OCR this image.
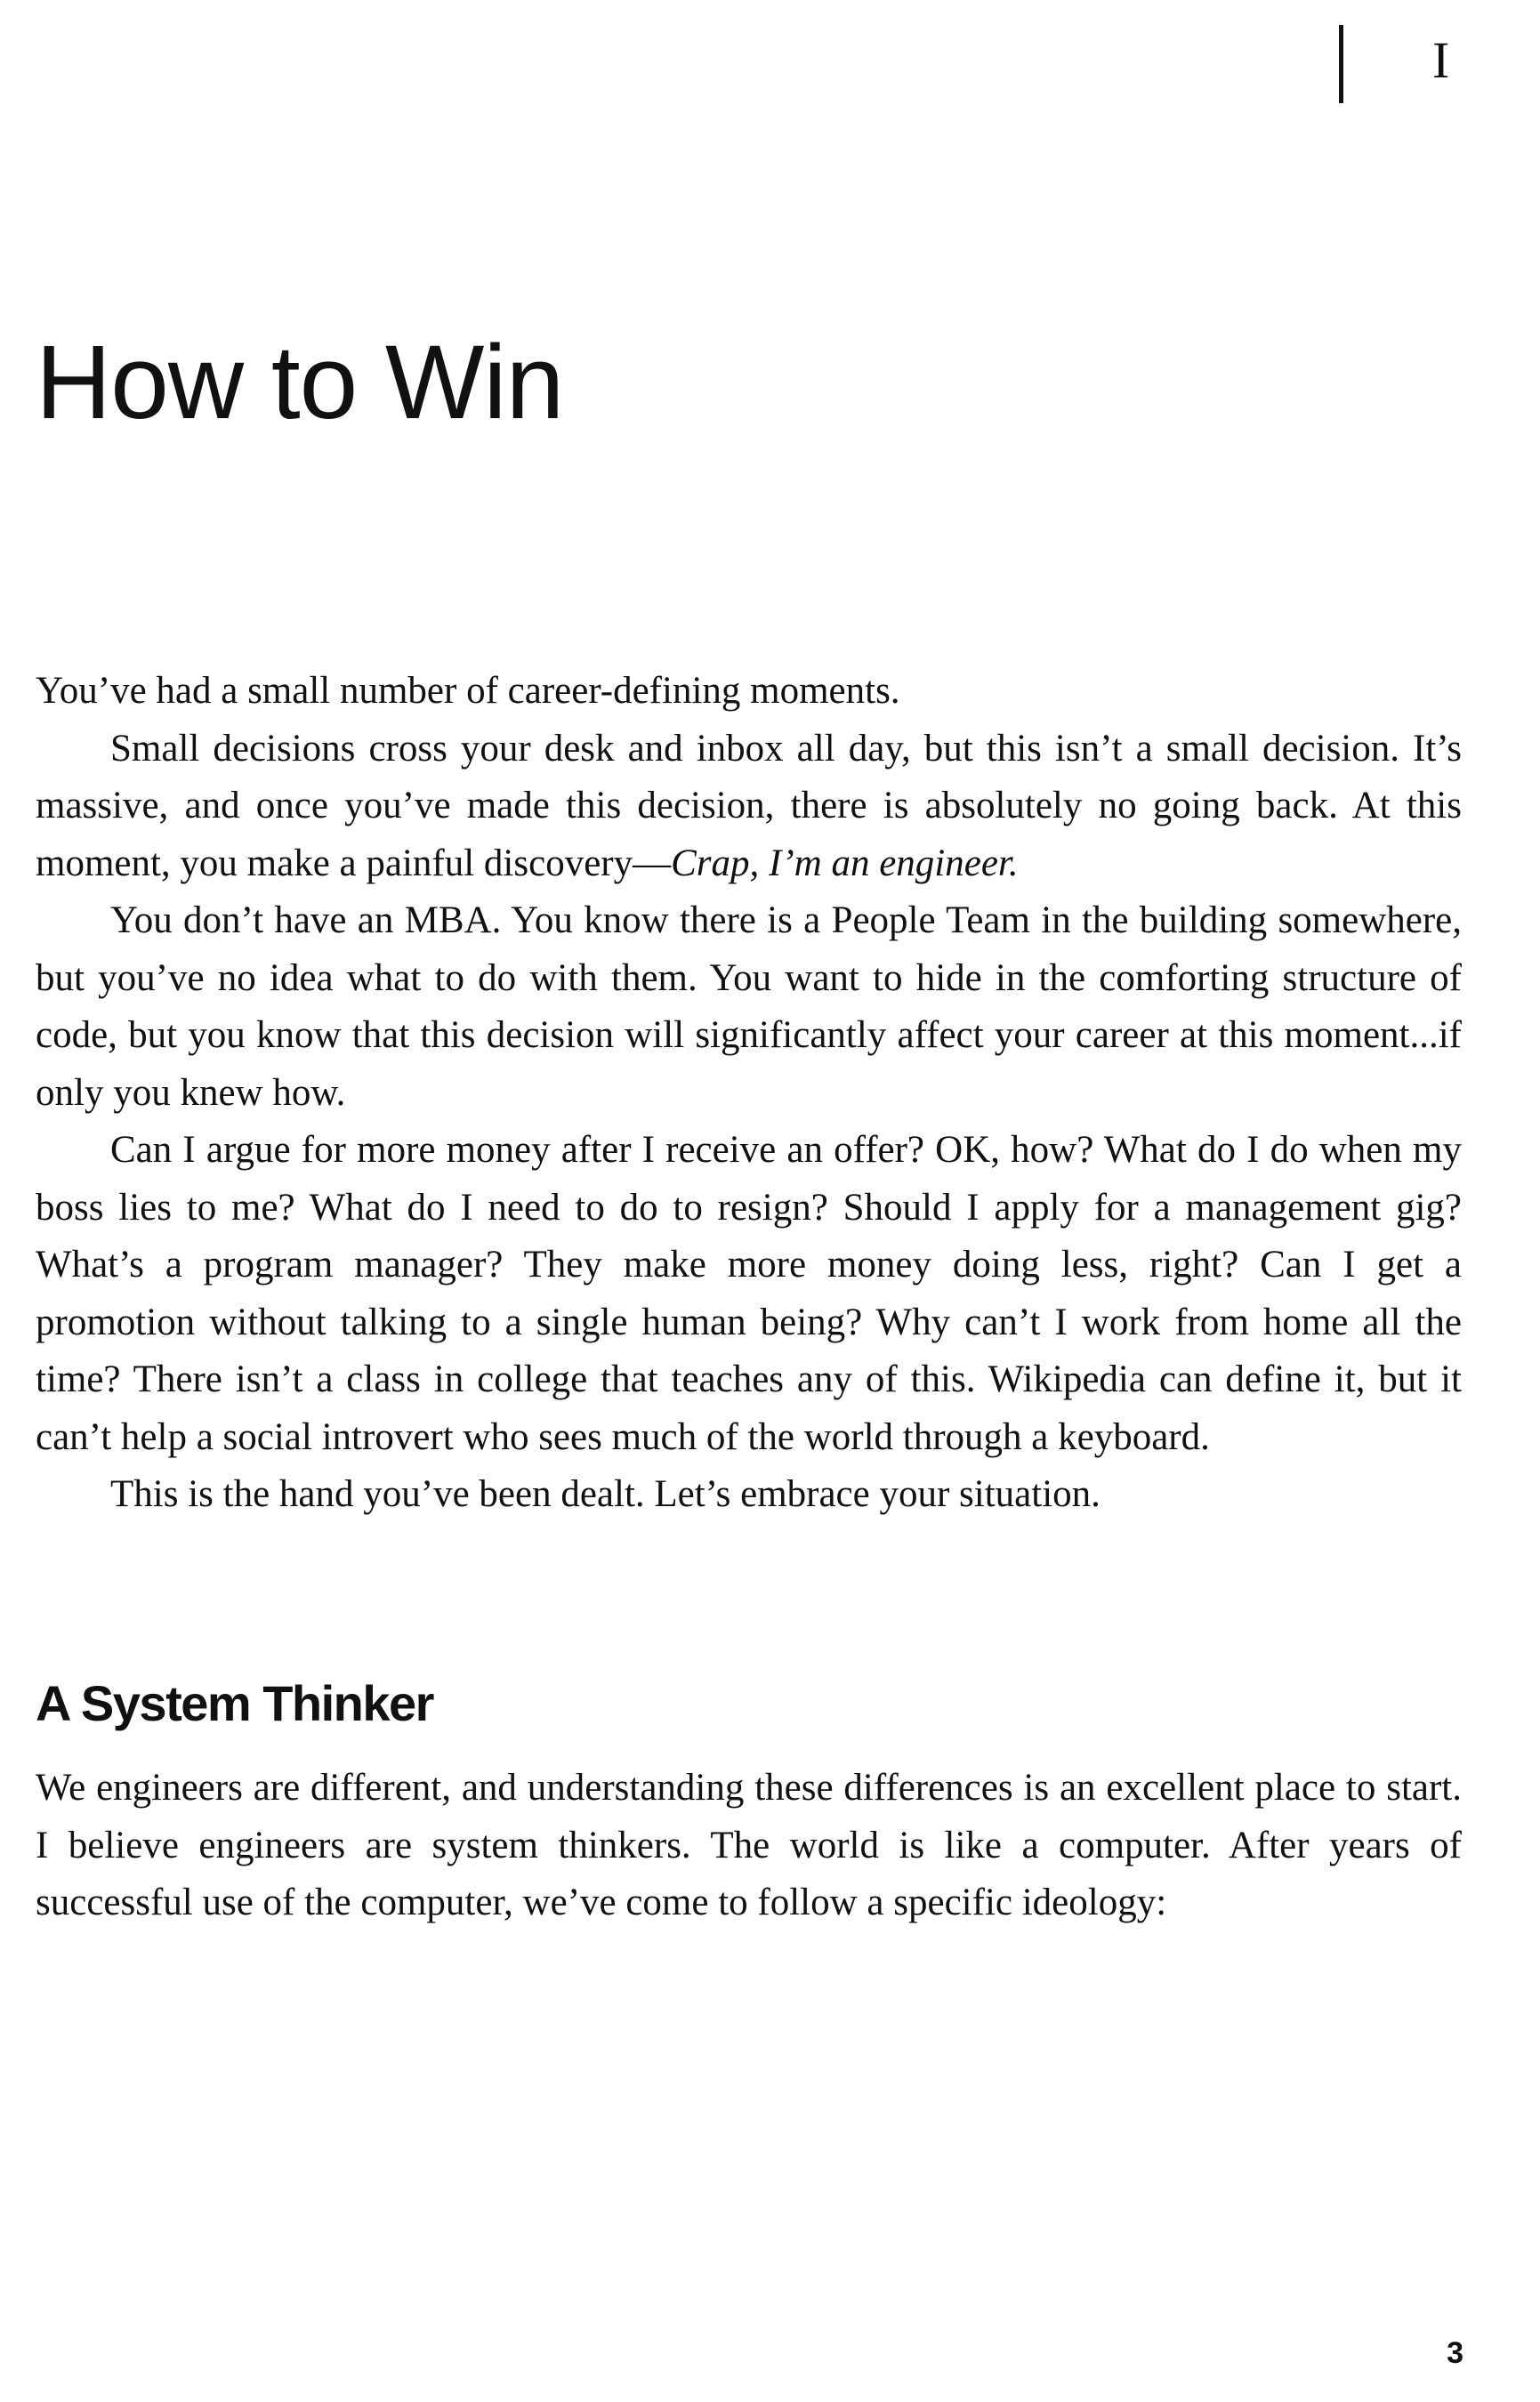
I
How to Win

You’ve had a small number of career-defining moments.

Small decisions cross your desk and inbox all day, but this isn’t a small decision. It’s massive, and once you’ve made this decision, there is absolutely no going back. At this moment, you make a painful discovery—Crap, I’m an engineer.

You don’t have an MBA. You know there is a People Team in the building somewhere, but you’ve no idea what to do with them. You want to hide in the comforting structure of code, but you know that this decision will significantly affect your career at this moment...if only you knew how.

Can I argue for more money after I receive an offer? OK, how? What do I do when my boss lies to me? What do I need to do to resign? Should I apply for a management gig? What’s a program manager? They make more money doing less, right? Can I get a promotion without talking to a single human being? Why can’t I work from home all the time? There isn’t a class in college that teaches any of this. Wikipedia can define it, but it can’t help a social introvert who sees much of the world through a keyboard.

This is the hand you’ve been dealt. Let’s embrace your situation.

A System Thinker

We engineers are different, and understanding these differences is an excellent place to start. I believe engineers are system thinkers. The world is like a computer. After years of successful use of the computer, we’ve come to follow a specific ideology:

3
